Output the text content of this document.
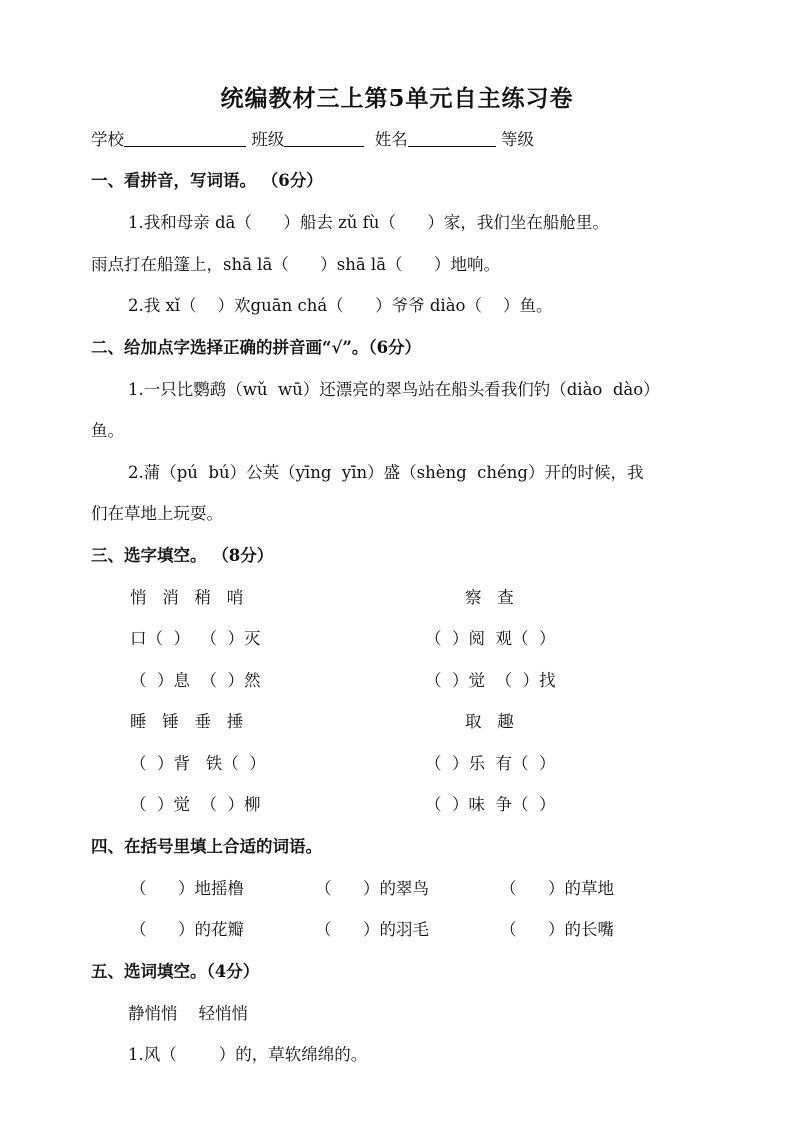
统编教材三上第5单元自主练习卷
学校	班级	姓名	等级
一、看拼音，写词语。 （6分）
1.我和母亲 dā（      ）船去 zǔ fù（      ）家，我们坐在船舱里。
雨点打在船篷上，shā lā（      ）shā lā（      ）地响。
2.我 xǐ（    ）欢guān chá（      ）爷爷 diào（    ）鱼。
二、给加点字选择正确的拼音画“√”。（6分）
1.一只比鹦鹉（wǔ  wū）还漂亮的翠鸟站在船头看我们钓（diào  dào）
鱼。
2.蒲（pú  bú）公英（yīng  yīn）盛（shèng  chéng）开的时候，我
们在草地上玩耍。
三、选字填空。 （8分）
悄   消   稍   哨	察   查
口（  ）  （  ）灭	（  ）阅  观（  ）
（  ）息  （  ）然	（  ）觉  （  ）找
睡   锤   垂   捶	取   趣
（  ）背   铁（  ）	（  ）乐  有（  ）
（  ）觉  （  ）柳	（  ）味  争（  ）
四、在括号里填上合适的词语。
（      ）地摇橹	（      ）的翠鸟	（      ）的草地
（      ）的花瓣	（      ）的羽毛	（      ）的长嘴
五、选词填空。（4分）
静悄悄    轻悄悄
1.风（        ）的，草软绵绵的。
